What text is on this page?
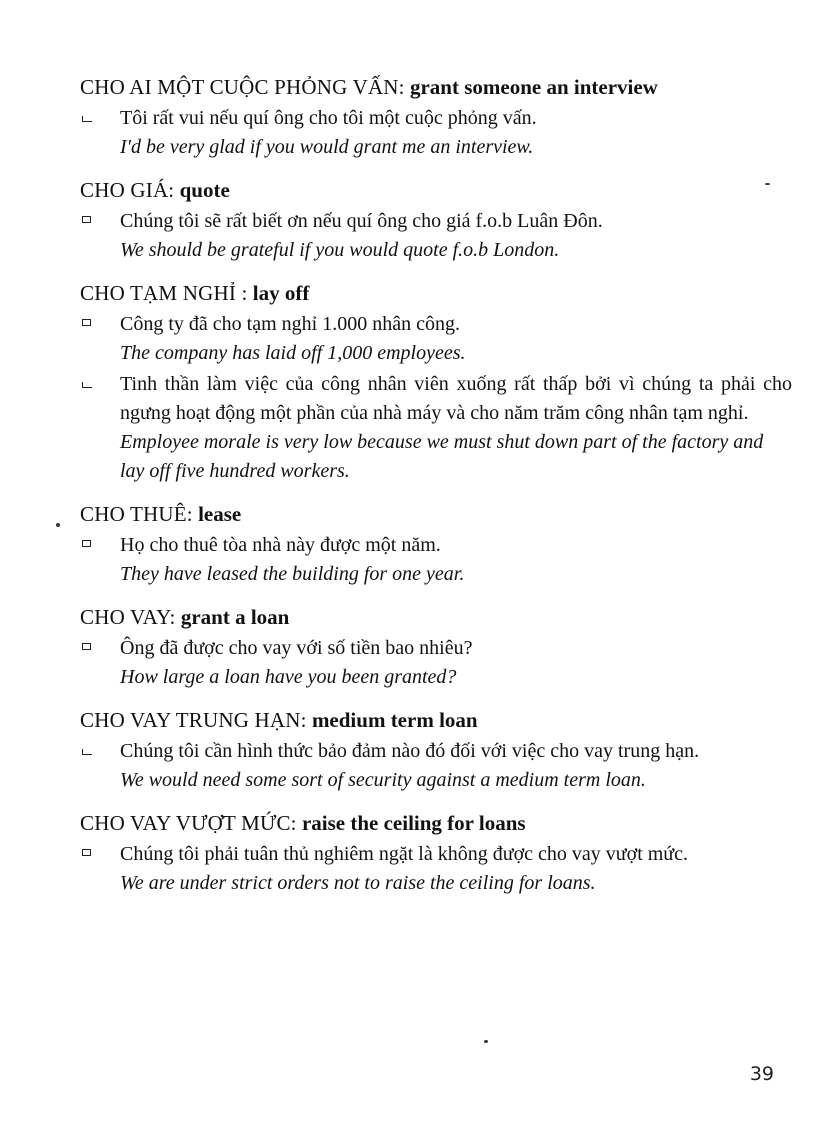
CHO AI MỘT CUỘC PHỎNG VẤN: grant someone an interview

Tôi rất vui nếu quí ông cho tôi một cuộc phỏng vấn.
I'd be very glad if you would grant me an interview.

CHO GIÁ: quote

Chúng tôi sẽ rất biết ơn nếu quí ông cho giá f.o.b Luân Đôn.
We should be grateful if you would quote f.o.b London.

CHO TẠM NGHỈ : lay off

Công ty đã cho tạm nghỉ 1.000 nhân công.
The company has laid off 1,000 employees.
Tinh thần làm việc của công nhân viên xuống rất thấp bởi vì chúng ta phải cho ngưng hoạt động một phần của nhà máy và cho năm trăm công nhân tạm nghỉ.
Employee morale is very low because we must shut down part of the factory and lay off five hundred workers.

CHO THUÊ: lease

Họ cho thuê tòa nhà này được một năm.
They have leased the building for one year.

CHO VAY: grant a loan

Ông đã được cho vay với số tiền bao nhiêu?
How large a loan have you been granted?

CHO VAY TRUNG HẠN: medium term loan

Chúng tôi cần hình thức bảo đảm nào đó đối với việc cho vay trung hạn.
We would need some sort of security against a medium term loan.

CHO VAY VƯỢT MỨC: raise the ceiling for loans

Chúng tôi phải tuân thủ nghiêm ngặt là không được cho vay vượt mức.
We are under strict orders not to raise the ceiling for loans.
39
